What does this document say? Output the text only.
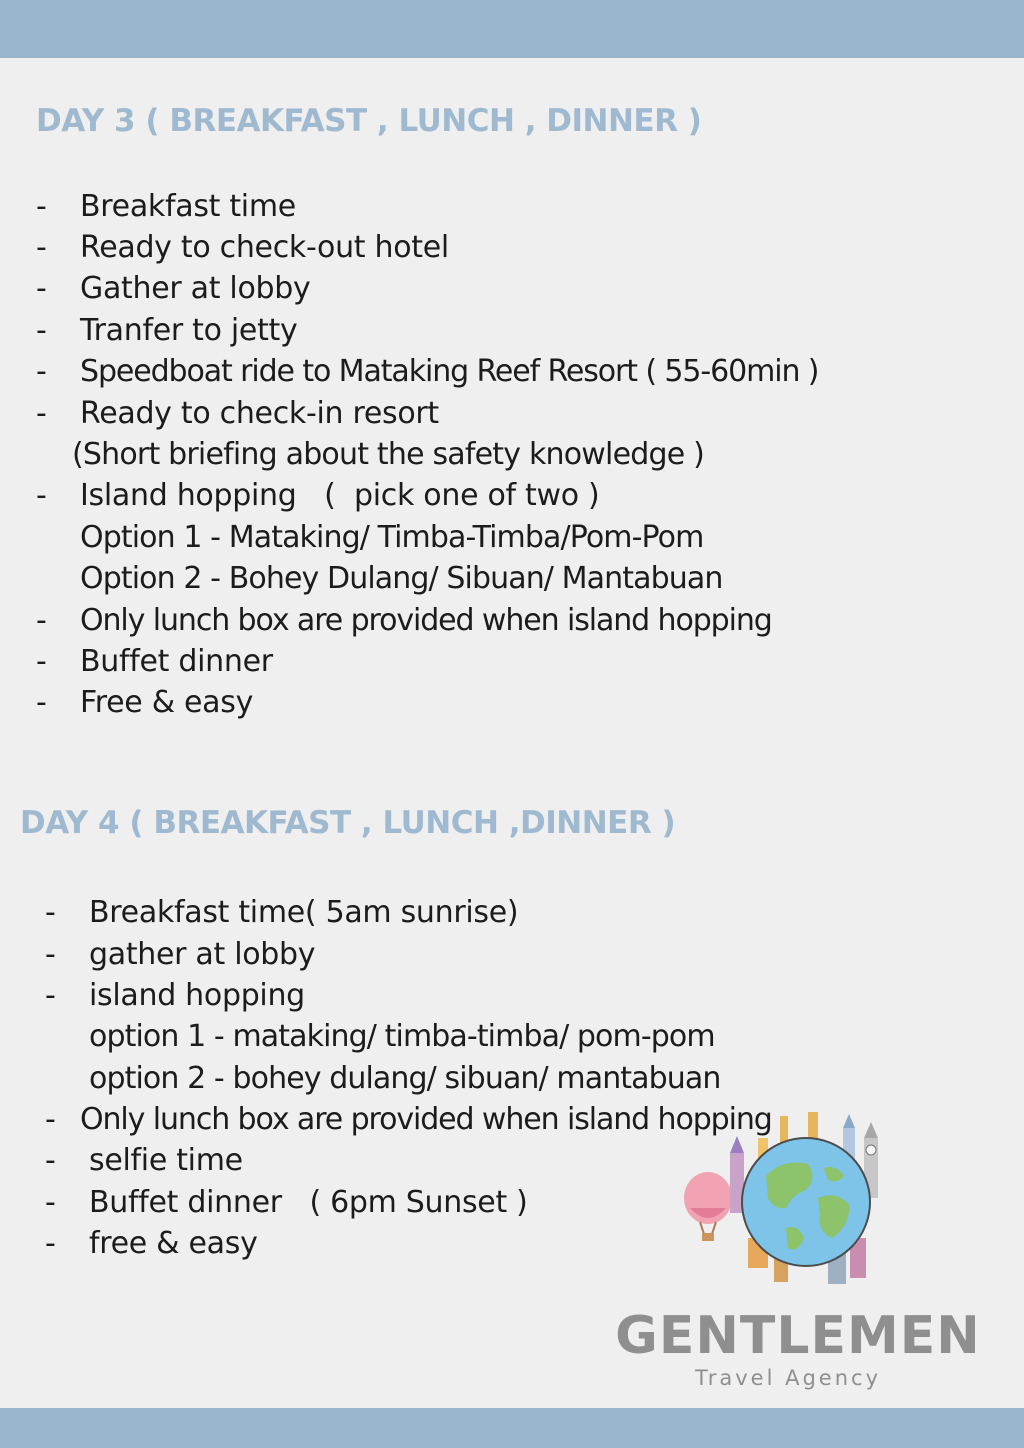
DAY 3 ( BREAKFAST , LUNCH , DINNER )
- Breakfast time
- Ready to check-out hotel
- Gather at lobby
- Tranfer to jetty
- Speedboat ride to Mataking Reef Resort ( 55-60min )
- Ready to check-in resort
(Short briefing about the safety knowledge )
- Island hopping   (  pick one of two )
Option 1 - Mataking/ Timba-Timba/Pom-Pom
Option 2 - Bohey Dulang/ Sibuan/ Mantabuan
- Only lunch box are provided when island hopping
- Buffet dinner
- Free & easy
DAY 4 ( BREAKFAST , LUNCH ,DINNER )
GENTLEMEN
Travel Agency
- Breakfast time( 5am sunrise)
- gather at lobby
- island hopping
option 1 - mataking/ timba-timba/ pom-pom
option 2 - bohey dulang/ sibuan/ mantabuan
- Only lunch box are provided when island hopping
- selfie time
- Buffet dinner   ( 6pm Sunset )
- free & easy
